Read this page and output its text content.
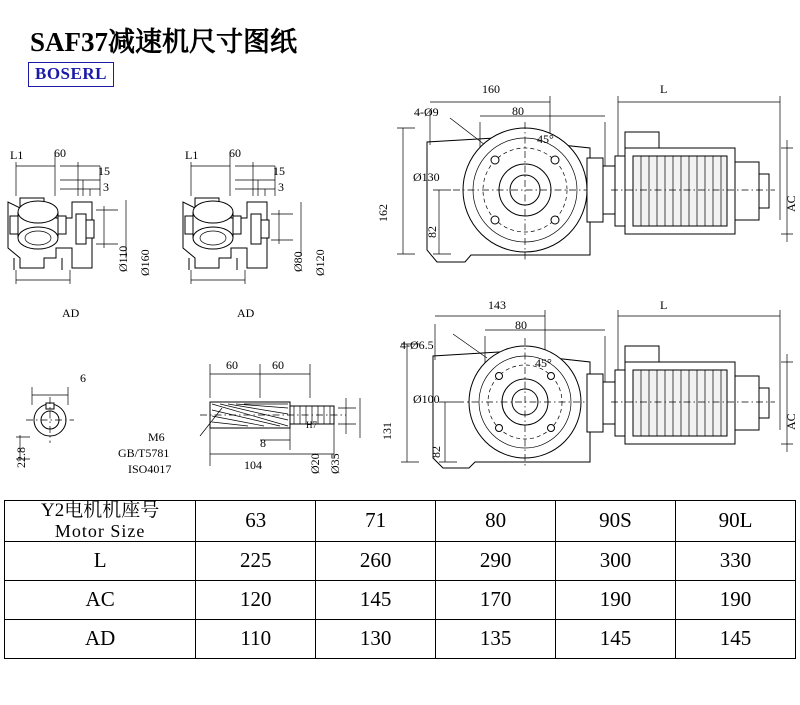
SAF37减速机尺寸图纸
BOSERL
L1	60
15
3
Ø110 Ø160
AD
L1	60
15
3
Ø80 Ø120
AD
6
22.8
60	60
M6
GB/T5781
ISO4017
8
104	Ø20
H7
Ø35
160
80
L
4-Ø9
45°
Ø130
162
82
AC
143
80
L
4-Ø6.5
45°
Ø100
131
82
AC
Y2电机机座号
Motor Size	63	71	80	90S	90L
L	225	260	290	300	330
AC	120	145	170	190	190
AD	110	130	135	145	145
